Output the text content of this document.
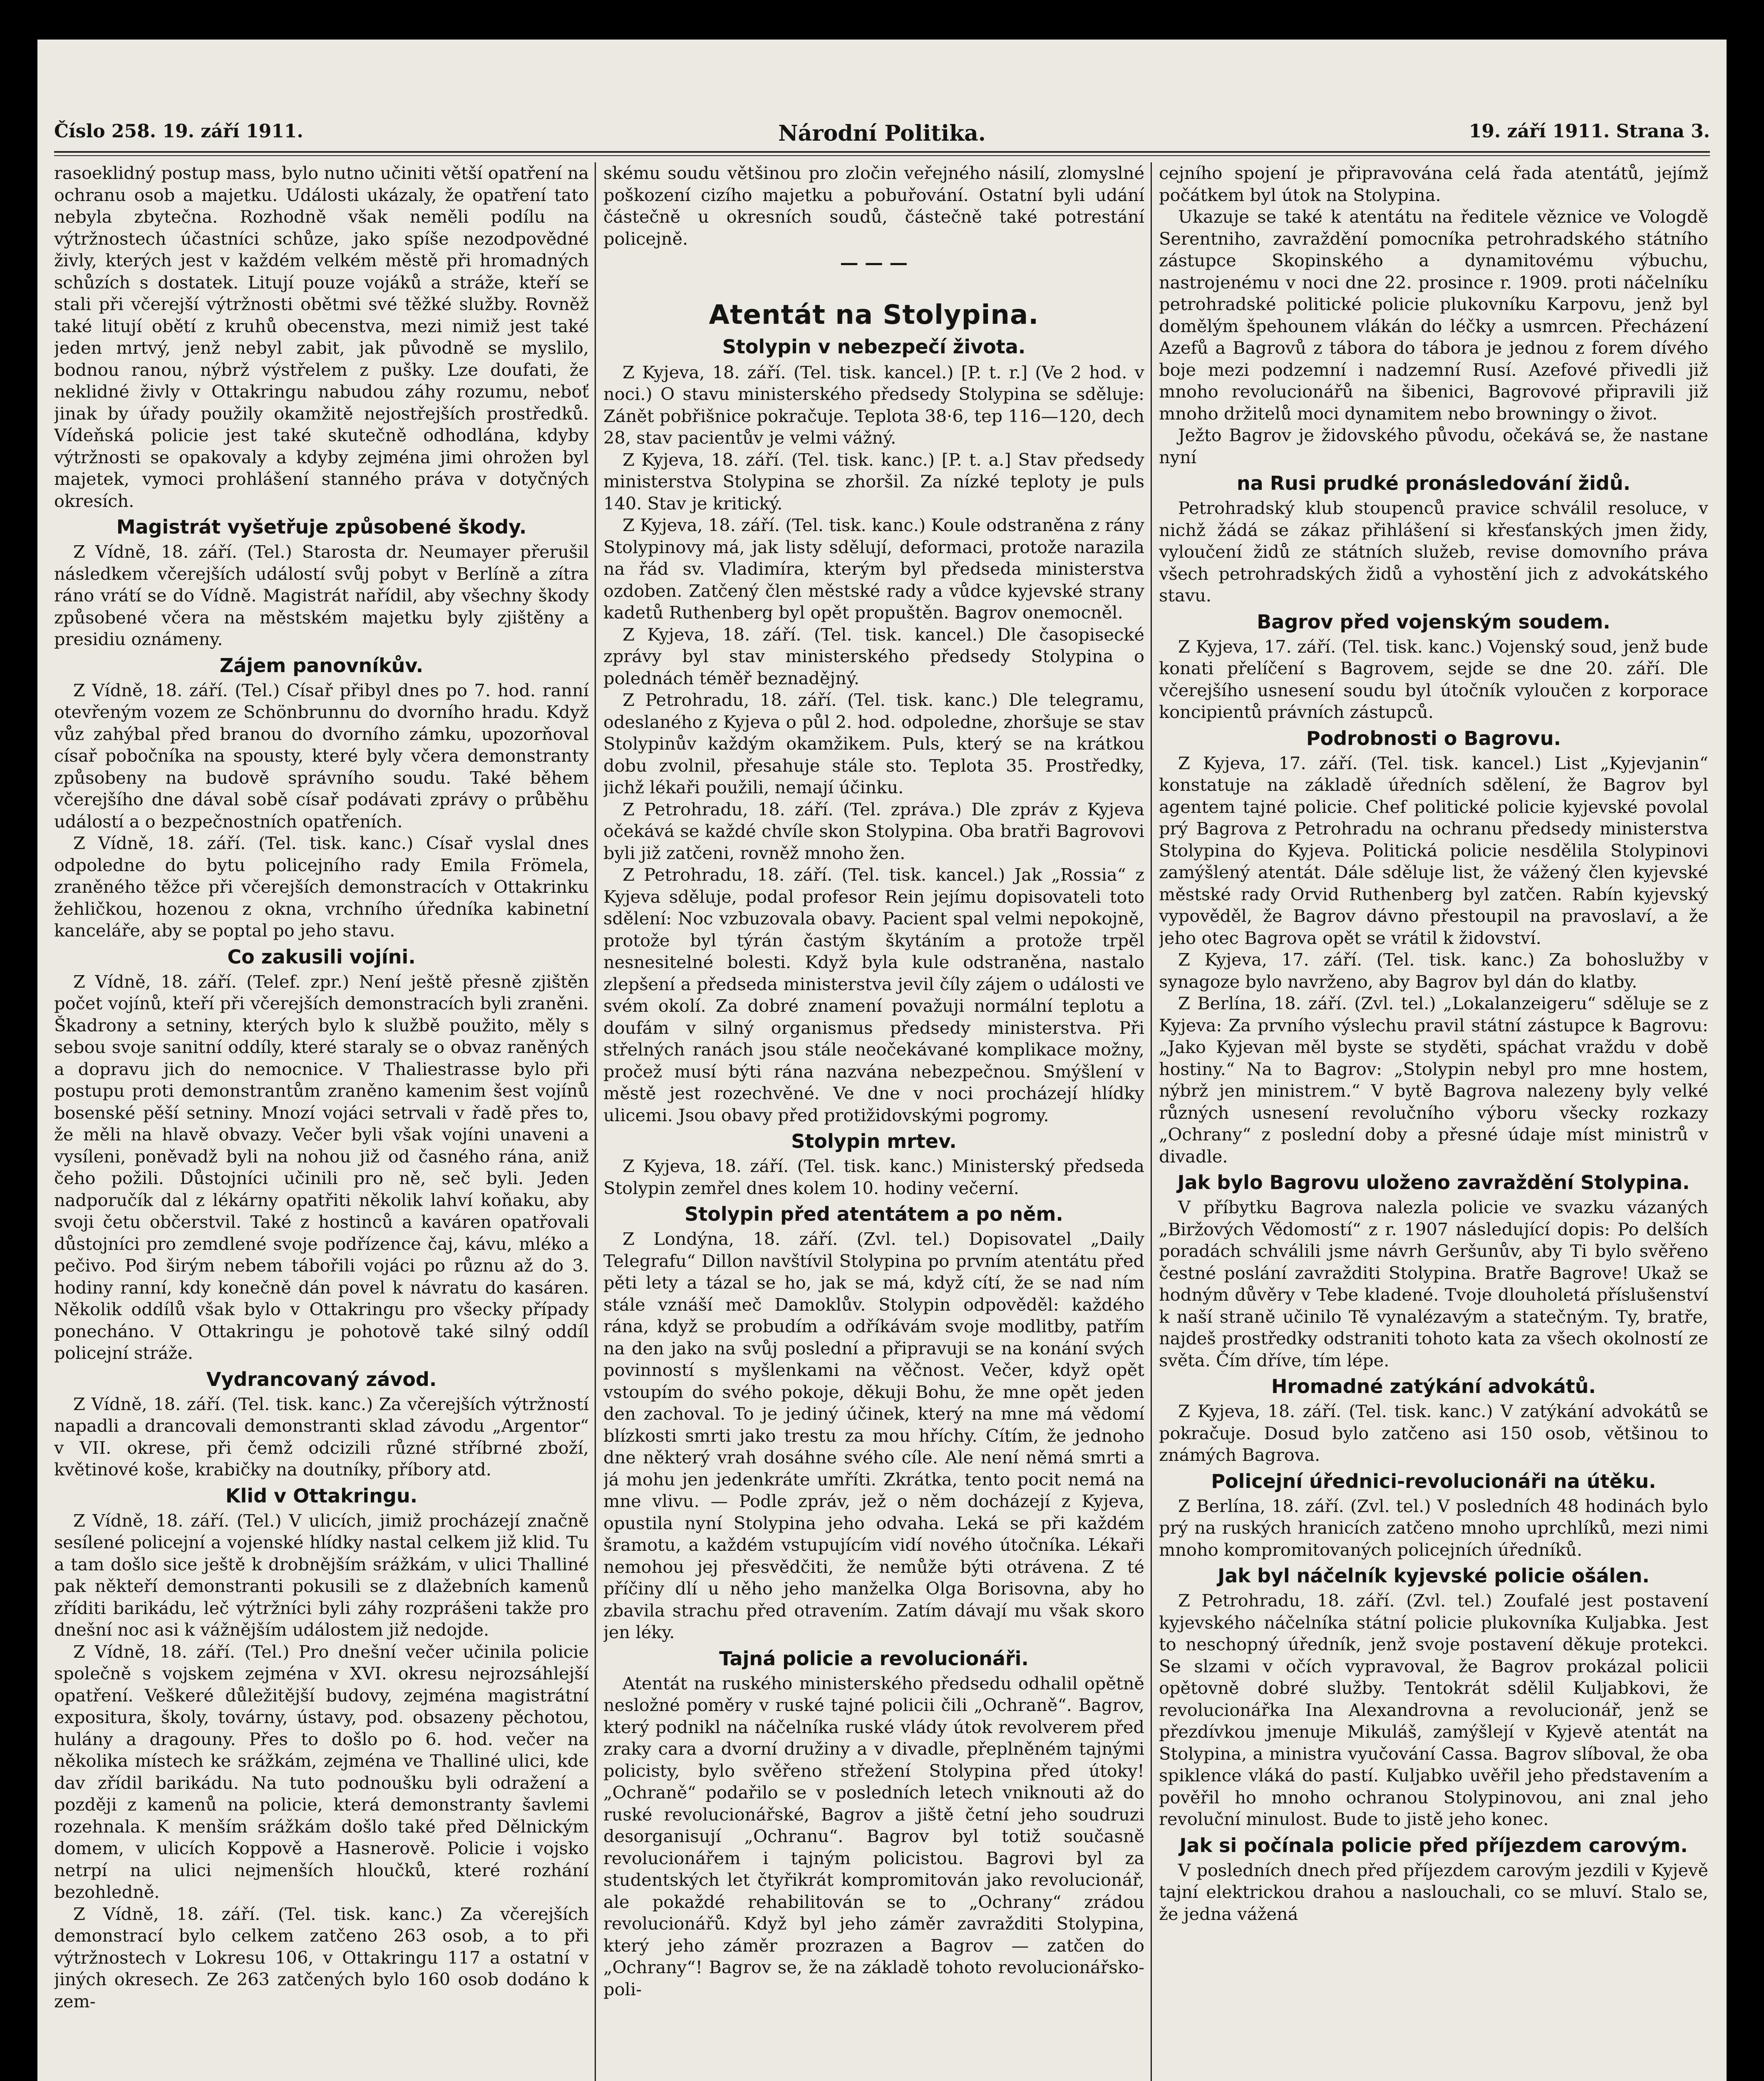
Číslo 258. 19. září 1911.	Národní Politika.	19. září 1911. Strana 3.

rasoeklidný postup mass, bylo nutno učiniti větší opatření na ochranu osob a majetku. Události ukázaly, že opatření tato nebyla zbytečna. Rozhodně však neměli podílu na výtržnostech účastníci schůze, jako spíše nezodpovědné živly, kterých jest v každém velkém městě při hromadných schůzích s dostatek. Litují pouze vojáků a stráže, kteří se stali při včerejší výtržnosti obětmi své těžké služby. Rovněž také litují obětí z kruhů obecenstva, mezi nimiž jest také jeden mrtvý, jenž nebyl zabit, jak původně se myslilo, bodnou ranou, nýbrž výstřelem z pušky. Lze doufati, že neklidné živly v Ottakringu nabudou záhy rozumu, neboť jinak by úřady použily okamžitě nejostřejších prostředků. Vídeňská policie jest také skutečně odhodlána, kdyby výtržnosti se opakovaly a kdyby zejména jimi ohrožen byl majetek, vymoci prohlášení stanného práva v dotyčných okresích.

Magistrát vyšetřuje způsobené škody.

Z Vídně, 18. září. (Tel.) Starosta dr. Neumayer přerušil následkem včerejších událostí svůj pobyt v Berlíně a zítra ráno vrátí se do Vídně. Magistrát nařídil, aby všechny škody způsobené včera na městském majetku byly zjištěny a presidiu oznámeny.

Zájem panovníkův.

Z Vídně, 18. září. (Tel.) Císař přibyl dnes po 7. hod. ranní otevřeným vozem ze Schönbrunnu do dvorního hradu. Když vůz zahýbal před branou do dvorního zámku, upozorňoval císař pobočníka na spousty, které byly včera demonstranty způsobeny na budově správního soudu. Také během včerejšího dne dával sobě císař podávati zprávy o průběhu událostí a o bezpečnostních opatřeních.

Z Vídně, 18. září. (Tel. tisk. kanc.) Císař vyslal dnes odpoledne do bytu policejního rady Emila Frömela, zraněného těžce při včerejších demonstracích v Ottakrinku žehličkou, hozenou z okna, vrchního úředníka kabinetní kanceláře, aby se poptal po jeho stavu.

Co zakusili vojíni.

Z Vídně, 18. září. (Telef. zpr.) Není ještě přesně zjištěn počet vojínů, kteří při včerejších demonstracích byli zraněni. Škadrony a setniny, kterých bylo k službě použito, měly s sebou svoje sanitní oddíly, které staraly se o obvaz raněných a dopravu jich do nemocnice. V Thaliestrasse bylo při postupu proti demonstrantům zraněno kamenim šest vojínů bosenské pěší setniny. Mnozí vojáci setrvali v řadě přes to, že měli na hlavě obvazy. Večer byli však vojíni unaveni a vysíleni, poněvadž byli na nohou již od časného rána, aniž čeho požili. Důstojníci učinili pro ně, seč byli. Jeden nadporučík dal z lékárny opatřiti několik lahví koňaku, aby svoji četu občerstvil. Také z hostinců a kaváren opatřovali důstojníci pro zemdlené svoje podřízence čaj, kávu, mléko a pečivo. Pod širým nebem tábořili vojáci po různu až do 3. hodiny ranní, kdy konečně dán povel k návratu do kasáren. Několik oddílů však bylo v Ottakringu pro všecky případy ponecháno. V Ottakringu je pohotově také silný oddíl policejní stráže.

Vydrancovaný závod.

Z Vídně, 18. září. (Tel. tisk. kanc.) Za včerejších výtržností napadli a drancovali demonstranti sklad závodu „Argentor“ v VII. okrese, při čemž odcizili různé stříbrné zboží, květinové koše, krabičky na doutníky, příbory atd.

Klid v Ottakringu.

Z Vídně, 18. září. (Tel.) V ulicích, jimiž procházejí značně sesílené policejní a vojenské hlídky nastal celkem již klid. Tu a tam došlo sice ještě k drobnějším srážkám, v ulici Thalliné pak někteří demonstranti pokusili se z dlažebních kamenů zříditi barikádu, leč výtržníci byli záhy rozprášeni takže pro dnešní noc asi k vážnějším událostem již nedojde.

Z Vídně, 18. září. (Tel.) Pro dnešní večer učinila policie společně s vojskem zejména v XVI. okresu nejrozsáhlejší opatření. Veškeré důležitější budovy, zejména magistrátní expositura, školy, továrny, ústavy, pod. obsazeny pěchotou, hulány a dragouny. Přes to došlo po 6. hod. večer na několika místech ke srážkám, zejména ve Thalliné ulici, kde dav zřídil barikádu. Na tuto podnoušku byli odražení a později z kamenů na policie, která demonstranty šavlemi rozehnala. K menším srážkám došlo také před Dělnickým domem, v ulicích Koppově a Hasnerově. Policie i vojsko netrpí na ulici nejmenších hloučků, které rozhání bezohledně.

Z Vídně, 18. září. (Tel. tisk. kanc.) Za včerejších demonstrací bylo celkem zatčeno 263 osob, a to při výtržnostech v Lokresu 106, v Ottakringu 117 a ostatní v jiných okresech. Ze 263 zatčených bylo 160 osob dodáno k zem-

skému soudu většinou pro zločin veřejného násilí, zlomyslné poškození cizího majetku a pobuřování. Ostatní byli udání částečně u okresních soudů, částečně také potrestání policejně.

— — —
Atentát na Stolypina.
Stolypin v nebezpečí života.

Z Kyjeva, 18. září. (Tel. tisk. kancel.) [P. t. r.] (Ve 2 hod. v noci.) O stavu ministerského předsedy Stolypina se sděluje: Zánět pobřišnice pokračuje. Teplota 38·6, tep 116—120, dech 28, stav pacientův je velmi vážný.

Z Kyjeva, 18. září. (Tel. tisk. kanc.) [P. t. a.] Stav předsedy ministerstva Stolypina se zhoršil. Za nízké teploty je puls 140. Stav je kritický.

Z Kyjeva, 18. září. (Tel. tisk. kanc.) Koule odstraněna z rány Stolypinovy má, jak listy sdělují, deformaci, protože narazila na řád sv. Vladimíra, kterým byl předseda ministerstva ozdoben. Zatčený člen městské rady a vůdce kyjevské strany kadetů Ruthenberg byl opět propuštěn. Bagrov onemocněl.

Z Kyjeva, 18. září. (Tel. tisk. kancel.) Dle časopisecké zprávy byl stav ministerského předsedy Stolypina o polednách téměř beznadějný.

Z Petrohradu, 18. září. (Tel. tisk. kanc.) Dle telegramu, odeslaného z Kyjeva o půl 2. hod. odpoledne, zhoršuje se stav Stolypinův každým okamžikem. Puls, který se na krátkou dobu zvolnil, přesahuje stále sto. Teplota 35. Prostředky, jichž lékaři použili, nemají účinku.

Z Petrohradu, 18. září. (Tel. zpráva.) Dle zpráv z Kyjeva očekává se každé chvíle skon Stolypina. Oba bratři Bagrovovi byli již zatčeni, rovněž mnoho žen.

Z Petrohradu, 18. září. (Tel. tisk. kancel.) Jak „Rossia“ z Kyjeva sděluje, podal profesor Rein jejímu dopisovateli toto sdělení: Noc vzbuzovala obavy. Pacient spal velmi nepokojně, protože byl týrán častým škytáním a protože trpěl nesnesitelné bolesti. Když byla kule odstraněna, nastalo zlepšení a předseda ministerstva jevil číly zájem o události ve svém okolí. Za dobré znamení považuji normální teplotu a doufám v silný organismus předsedy ministerstva. Při střelných ranách jsou stále neočekávané komplikace možny, pročež musí býti rána nazvána nebezpečnou. Smýšlení v městě jest rozechvěné. Ve dne v noci procházejí hlídky ulicemi. Jsou obavy před protižidovskými pogromy.

Stolypin mrtev.

Z Kyjeva, 18. září. (Tel. tisk. kanc.) Ministerský předseda Stolypin zemřel dnes kolem 10. hodiny večerní.

Stolypin před atentátem a po něm.

Z Londýna, 18. září. (Zvl. tel.) Dopisovatel „Daily Telegrafu“ Dillon navštívil Stolypina po prvním atentátu před pěti lety a tázal se ho, jak se má, když cítí, že se nad ním stále vznáší meč Damoklův. Stolypin odpověděl: každého rána, když se probudím a odříkávám svoje modlitby, patřím na den jako na svůj poslední a připravuji se na konání svých povinností s myšlenkami na věčnost. Večer, když opět vstoupím do svého pokoje, děkuji Bohu, že mne opět jeden den zachoval. To je jediný účinek, který na mne má vědomí blízkosti smrti jako trestu za mou hříchy. Cítím, že jednoho dne některý vrah dosáhne svého cíle. Ale není němá smrti a já mohu jen jedenkráte umříti. Zkrátka, tento pocit nemá na mne vlivu. — Podle zpráv, jež o něm docházejí z Kyjeva, opustila nyní Stolypina jeho odvaha. Leká se při každém šramotu, a každém vstupujícím vidí nového útočníka. Lékaři nemohou jej přesvědčiti, že nemůže býti otrávena. Z té příčiny dlí u něho jeho manželka Olga Borisovna, aby ho zbavila strachu před otravením. Zatím dávají mu však skoro jen léky.

Tajná policie a revolucionáři.

Atentát na ruského ministerského předsedu odhalil opětně nesložné poměry v ruské tajné policii čili „Ochraně“. Bagrov, který podnikl na náčelníka ruské vlády útok revolverem před zraky cara a dvorní družiny a v divadle, přeplněném tajnými policisty, bylo svěřeno střežení Stolypina před útoky! „Ochraně“ podařilo se v posledních letech vniknouti až do ruské revolucionářské, Bagrov a jiště četní jeho soudruzi desorganisují „Ochranu“. Bagrov byl totiž současně revolucionářem i tajným policistou. Bagrovi byl za studentských let čtyřikrát kompromitován jako revolucionář, ale pokaždé rehabilitován se to „Ochrany“ zrádou revolucionářů. Když byl jeho záměr zavražditi Stolypina, který jeho záměr prozrazen a Bagrov — zatčen do „Ochrany“! Bagrov se, že na základě tohoto revolucionářsko-poli-

cejního spojení je připravována celá řada atentátů, jejímž počátkem byl útok na Stolypina.

Ukazuje se také k atentátu na ředitele věznice ve Vologdě Serentniho, zavraždění pomocníka petrohradského státního zástupce Skopinského a dynamitovému výbuchu, nastrojenému v noci dne 22. prosince r. 1909. proti náčelníku petrohradské politické policie plukovníku Karpovu, jenž byl domělým špehounem vlákán do léčky a usmrcen. Přecházení Azefů a Bagrovů z tábora do tábora je jednou z forem dívého boje mezi podzemní i nadzemní Rusí. Azefové přivedli již mnoho revolucionářů na šibenici, Bagrovové připravili již mnoho držitelů moci dynamitem nebo browningy o život.

Ježto Bagrov je židovského původu, očekává se, že nastane nyní

na Rusi prudké pronásledování židů.

Petrohradský klub stoupenců pravice schválil resoluce, v nichž žádá se zákaz přihlášení si křesťanských jmen židy, vyloučení židů ze státních služeb, revise domovního práva všech petrohradských židů a vyhostění jich z advokátského stavu.

Bagrov před vojenským soudem.

Z Kyjeva, 17. září. (Tel. tisk. kanc.) Vojenský soud, jenž bude konati přelíčení s Bagrovem, sejde se dne 20. září. Dle včerejšího usnesení soudu byl útočník vyloučen z korporace koncipientů právních zástupců.

Podrobnosti o Bagrovu.

Z Kyjeva, 17. září. (Tel. tisk. kancel.) List „Kyjevjanin“ konstatuje na základě úředních sdělení, že Bagrov byl agentem tajné policie. Chef politické policie kyjevské povolal prý Bagrova z Petrohradu na ochranu předsedy ministerstva Stolypina do Kyjeva. Politická policie nesdělila Stolypinovi zamýšlený atentát. Dále sděluje list, že vážený člen kyjevské městské rady Orvid Ruthenberg byl zatčen. Rabín kyjevský vypověděl, že Bagrov dávno přestoupil na pravoslaví, a že jeho otec Bagrova opět se vrátil k židovství.

Z Kyjeva, 17. září. (Tel. tisk. kanc.) Za bohoslužby v synagoze bylo navrženo, aby Bagrov byl dán do klatby.

Z Berlína, 18. září. (Zvl. tel.) „Lokalanzeigeru“ sděluje se z Kyjeva: Za prvního výslechu pravil státní zástupce k Bagrovu: „Jako Kyjevan měl byste se styděti, spáchat vraždu v době hostiny.“ Na to Bagrov: „Stolypin nebyl pro mne hostem, nýbrž jen ministrem.“ V bytě Bagrova nalezeny byly velké různých usnesení revolučního výboru všecky rozkazy „Ochrany“ z poslední doby a přesné údaje míst ministrů v divadle.

Jak bylo Bagrovu uloženo zavraždění Stolypina.

V příbytku Bagrova nalezla policie ve svazku vázaných „Biržových Vědomostí“ z r. 1907 následující dopis: Po delších poradách schválili jsme návrh Geršunův, aby Ti bylo svěřeno čestné poslání zavražditi Stolypina. Bratře Bagrove! Ukaž se hodným důvěry v Tebe kladené. Tvoje dlouholetá příslušenství k naší straně učinilo Tě vynalézavým a statečným. Ty, bratře, najdeš prostředky odstraniti tohoto kata za všech okolností ze světa. Čím dříve, tím lépe.

Hromadné zatýkání advokátů.

Z Kyjeva, 18. září. (Tel. tisk. kanc.) V zatýkání advokátů se pokračuje. Dosud bylo zatčeno asi 150 osob, většinou to známých Bagrova.

Policejní úřednici-revolucionáři na útěku.

Z Berlína, 18. září. (Zvl. tel.) V posledních 48 hodinách bylo prý na ruských hranicích zatčeno mnoho uprchlíků, mezi nimi mnoho kompromitovaných policejních úředníků.

Jak byl náčelník kyjevské policie ošálen.

Z Petrohradu, 18. září. (Zvl. tel.) Zoufalé jest postavení kyjevského náčelníka státní policie plukovníka Kuljabka. Jest to neschopný úředník, jenž svoje postavení děkuje protekci. Se slzami v očích vypravoval, že Bagrov prokázal policii opětovně dobré služby. Tentokrát sdělil Kuljabkovi, že revolucionářka Ina Alexandrovna a revolucionář, jenž se přezdívkou jmenuje Mikuláš, zamýšlejí v Kyjevě atentát na Stolypina, a ministra vyučování Cassa. Bagrov slíboval, že oba spiklence vláká do pastí. Kuljabko uvěřil jeho představením a pověřil ho mnoho ochranou Stolypinovou, ani znal jeho revoluční minulost. Bude to jistě jeho konec.

Jak si počínala policie před příjezdem carovým.

V posledních dnech před příjezdem carovým jezdili v Kyjevě tajní elektrickou drahou a naslouchali, co se mluví. Stalo se, že jedna vážená
